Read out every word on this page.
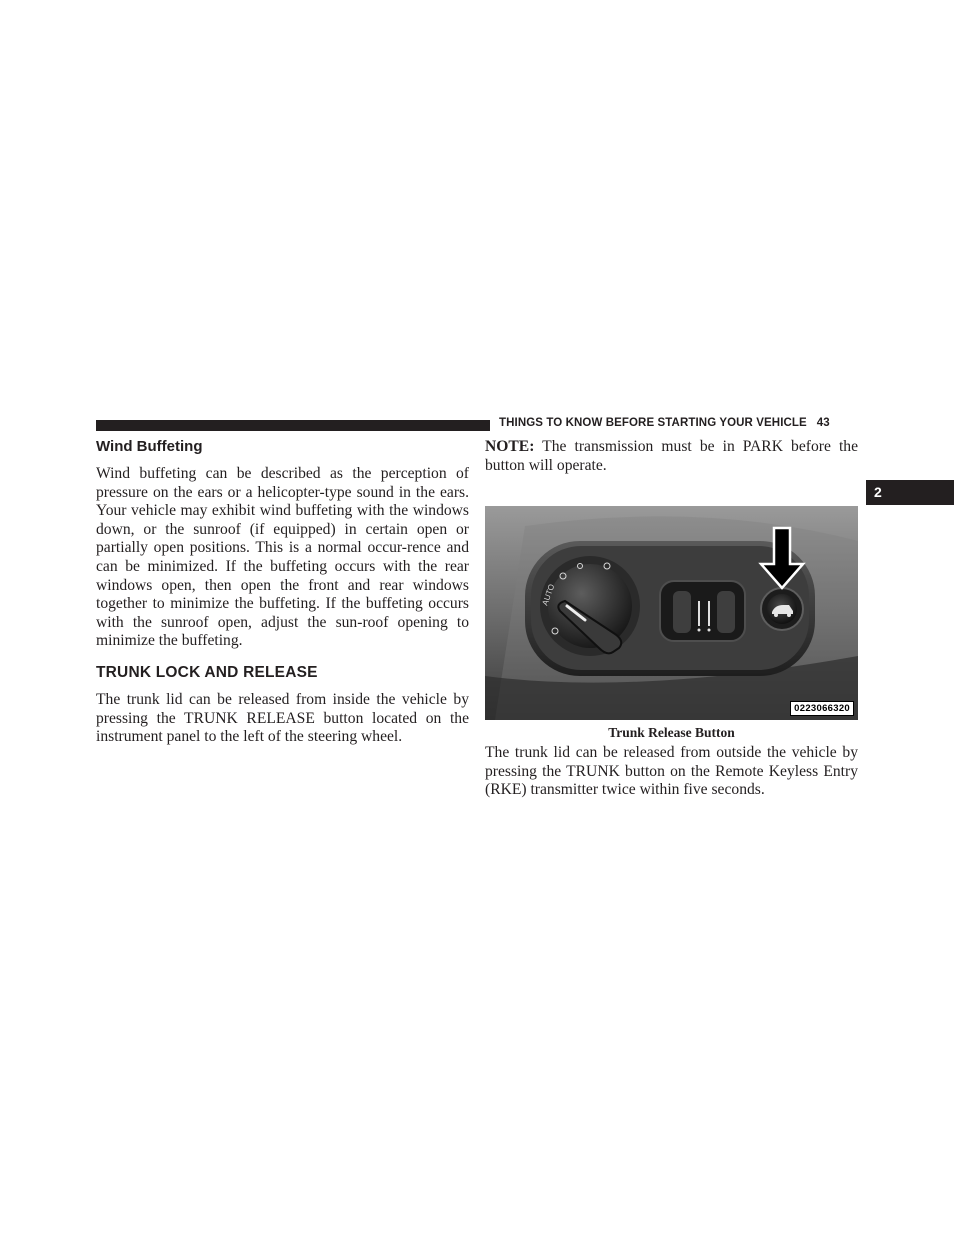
THINGS TO KNOW BEFORE STARTING YOUR VEHICLE 43
2
Wind Buffeting

Wind buffeting can be described as the perception of pressure on the ears or a helicopter-type sound in the ears. Your vehicle may exhibit wind buffeting with the windows down, or the sunroof (if equipped) in certain open or partially open positions. This is a normal occur-rence and can be minimized. If the buffeting occurs with the rear windows open, then open the front and rear windows together to minimize the buffeting. If the buffeting occurs with the sunroof open, adjust the sun-roof opening to minimize the buffeting.

TRUNK LOCK AND RELEASE

The trunk lid can be released from inside the vehicle by pressing the TRUNK RELEASE button located on the instrument panel to the left of the steering wheel.

NOTE: The transmission must be in PARK before the button will operate.

AUTO
0223066320
Trunk Release Button

The trunk lid can be released from outside the vehicle by pressing the TRUNK button on the Remote Keyless Entry (RKE) transmitter twice within five seconds.
